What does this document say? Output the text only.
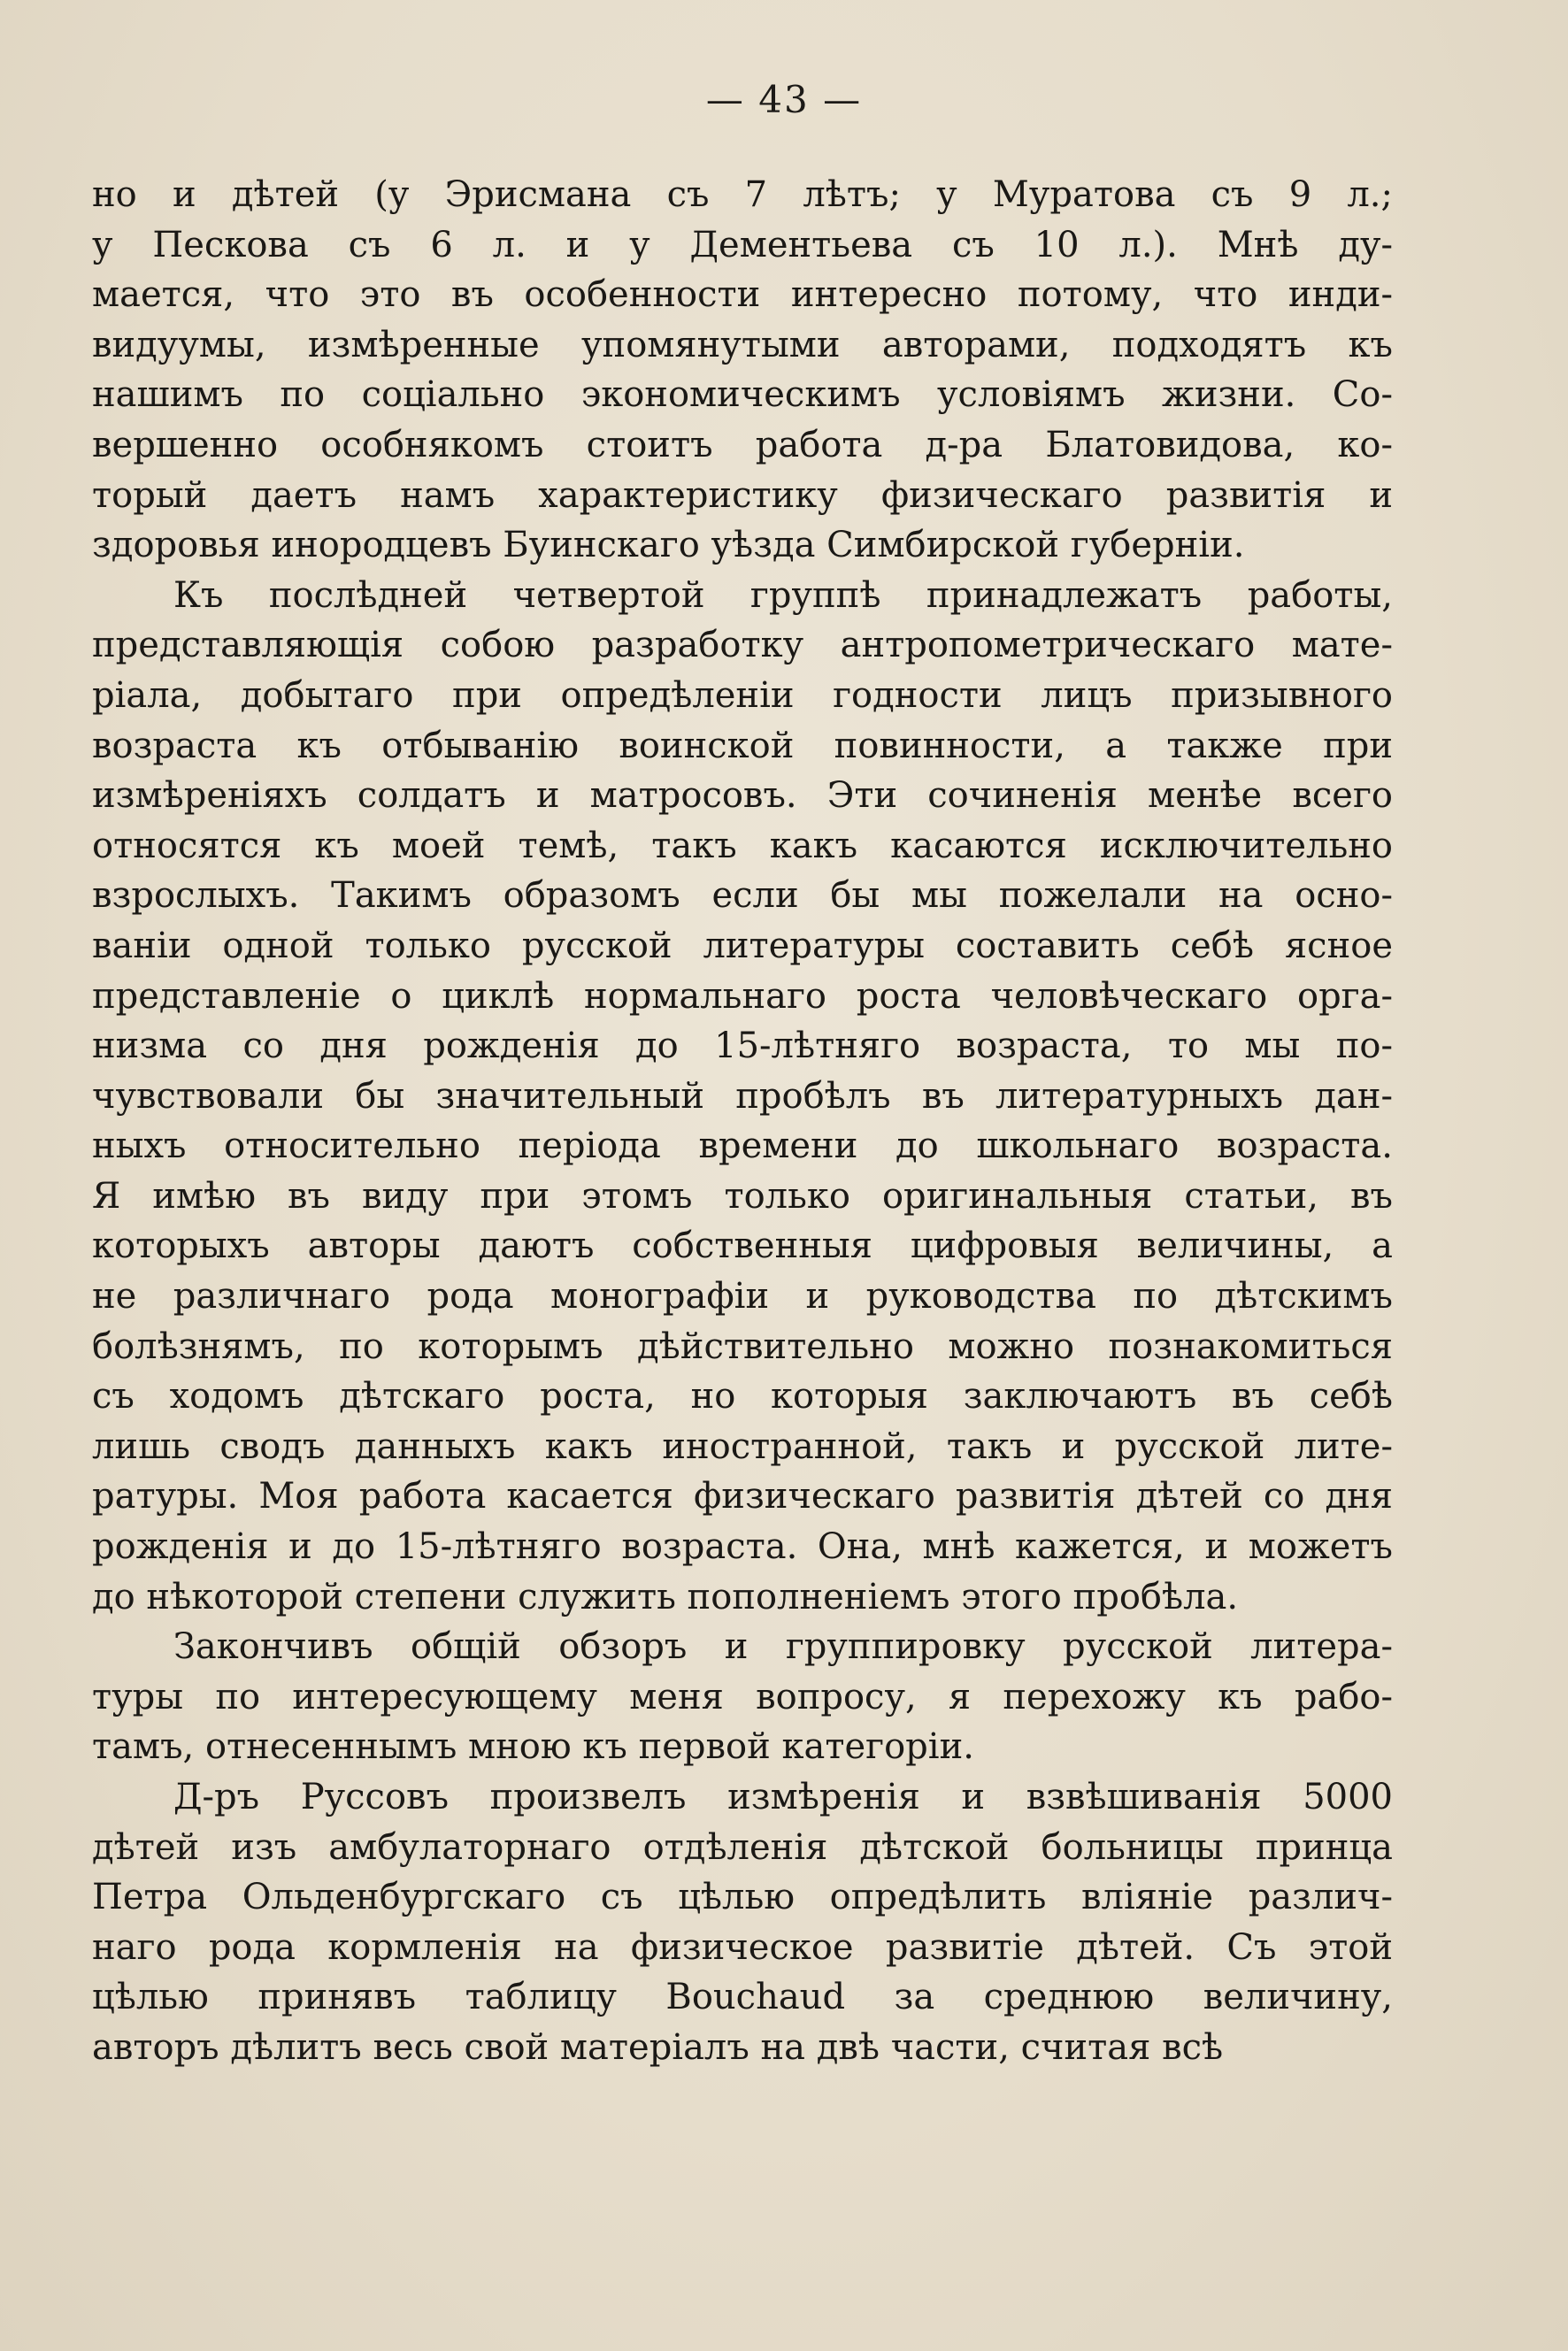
— 43 —
но и дѣтей (у Эрисмана съ 7 лѣтъ; у Муратова съ 9 л.;
у Пескова съ 6 л. и у Дементьева съ 10 л.). Мнѣ ду-
мается, что это въ особенности интересно потому, что инди-
видуумы, измѣренные упомянутыми авторами, подходятъ къ
нашимъ по соціально экономическимъ условіямъ жизни. Со-
вершенно особнякомъ стоитъ работа д-ра Блатовидова, ко-
торый даетъ намъ характеристику физическаго развитія и
здоровья инородцевъ Буинскаго уѣзда Симбирской губерніи.
Къ послѣдней четвертой группѣ принадлежатъ работы,
представляющія собою разработку антропометрическаго мате-
ріала, добытаго при опредѣленіи годности лицъ призывного
возраста къ отбыванію воинской повинности, а также при
измѣреніяхъ солдатъ и матросовъ. Эти сочиненія менѣе всего
относятся къ моей темѣ, такъ какъ касаются исключительно
взрослыхъ. Такимъ образомъ если бы мы пожелали на осно-
ваніи одной только русской литературы составить себѣ ясное
представленіе о циклѣ нормальнаго роста человѣческаго орга-
низма со дня рожденія до 15-лѣтняго возраста, то мы по-
чувствовали бы значительный пробѣлъ въ литературныхъ дан-
ныхъ относительно періода времени до школьнаго возраста.
Я имѣю въ виду при этомъ только оригинальныя статьи, въ
которыхъ авторы даютъ собственныя цифровыя величины, а
не различнаго рода монографіи и руководства по дѣтскимъ
болѣзнямъ, по которымъ дѣйствительно можно познакомиться
съ ходомъ дѣтскаго роста, но которыя заключаютъ въ себѣ
лишь сводъ данныхъ какъ иностранной, такъ и русской лите-
ратуры. Моя работа касается физическаго развитія дѣтей со дня
рожденія и до 15-лѣтняго возраста. Она, мнѣ кажется, и можетъ
до нѣкоторой степени служить пополненіемъ этого пробѣла.
Закончивъ общій обзоръ и группировку русской литера-
туры по интересующему меня вопросу, я перехожу къ рабо-
тамъ, отнесеннымъ мною къ первой категоріи.
Д-ръ Руссовъ произвелъ измѣренія и взвѣшиванія 5000
дѣтей изъ амбулаторнаго отдѣленія дѣтской больницы принца
Петра Ольденбургскаго съ цѣлью опредѣлить вліяніе различ-
наго рода кормленія на физическое развитіе дѣтей. Съ этой
цѣлью принявъ таблицу Bouchaud за среднюю величину,
авторъ дѣлитъ весь свой матеріалъ на двѣ части, считая всѣ
